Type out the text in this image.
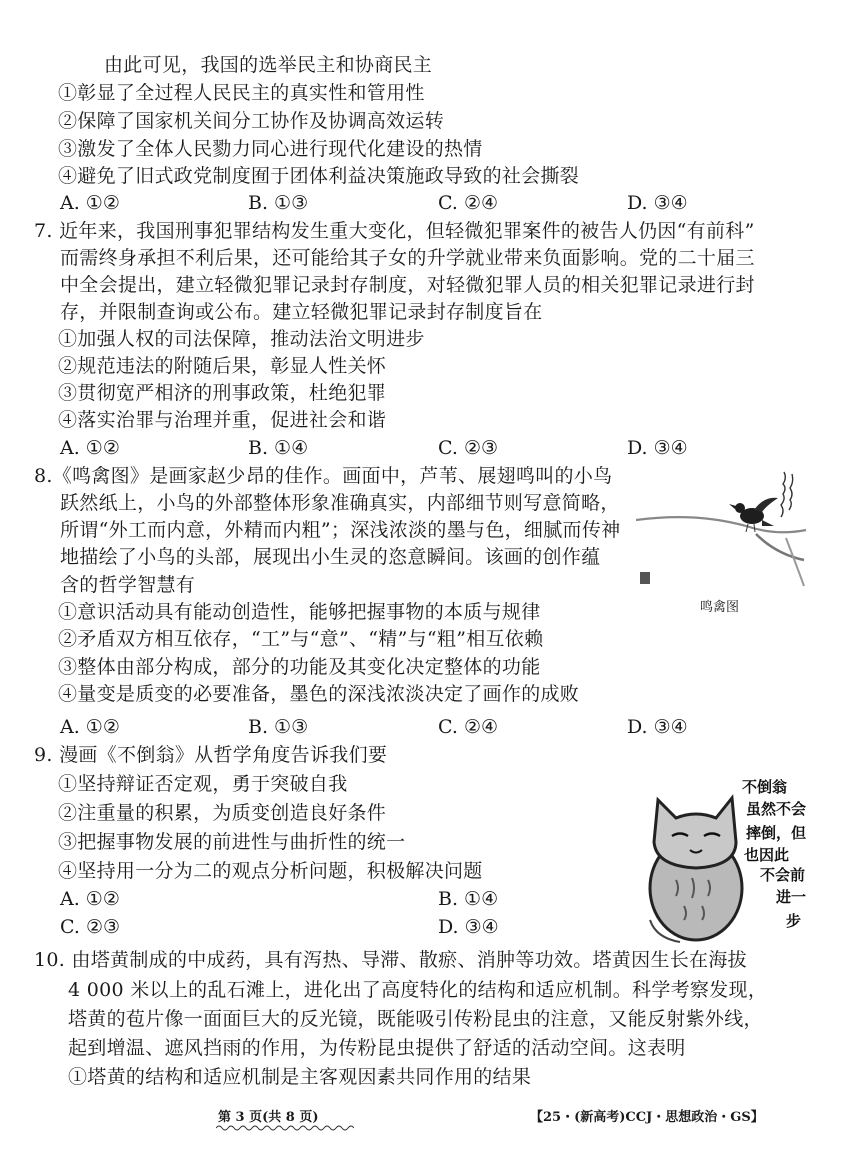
由此可见，我国的选举民主和协商民主
①彰显了全过程人民民主的真实性和管用性
②保障了国家机关间分工协作及协调高效运转
③激发了全体人民勠力同心进行现代化建设的热情
④避免了旧式政党制度囿于团体利益决策施政导致的社会撕裂
A. ①②	B. ①③	C. ②④	D. ③④
7. 近年来，我国刑事犯罪结构发生重大变化，但轻微犯罪案件的被告人仍因“有前科”
而需终身承担不利后果，还可能给其子女的升学就业带来负面影响。党的二十届三
中全会提出，建立轻微犯罪记录封存制度，对轻微犯罪人员的相关犯罪记录进行封
存，并限制查询或公布。建立轻微犯罪记录封存制度旨在
①加强人权的司法保障，推动法治文明进步
②规范违法的附随后果，彰显人性关怀
③贯彻宽严相济的刑事政策，杜绝犯罪
④落实治罪与治理并重，促进社会和谐
A. ①②	B. ①④	C. ②③	D. ③④
8.《鸣禽图》是画家赵少昂的佳作。画面中，芦苇、展翅鸣叫的小鸟
跃然纸上，小鸟的外部整体形象准确真实，内部细节则写意简略，
所谓“外工而内意，外精而内粗”；深浅浓淡的墨与色，细腻而传神
地描绘了小鸟的头部，展现出小生灵的恣意瞬间。该画的创作蕴
含的哲学智慧有
鸣禽图
①意识活动具有能动创造性，能够把握事物的本质与规律
②矛盾双方相互依存，“工”与“意”、“精”与“粗”相互依赖
③整体由部分构成，部分的功能及其变化决定整体的功能
④量变是质变的必要准备，墨色的深浅浓淡决定了画作的成败
A. ①②	B. ①③	C. ②④	D. ③④
9. 漫画《不倒翁》从哲学角度告诉我们要
①坚持辩证否定观，勇于突破自我
②注重量的积累，为质变创造良好条件
③把握事物发展的前进性与曲折性的统一
④坚持用一分为二的观点分析问题，积极解决问题
A. ①②	B. ①④
C. ②③	D. ③④
不倒翁
虽然不会
摔倒，但
也因此
不会前
进一
步
10. 由塔黄制成的中成药，具有泻热、导滞、散瘀、消肿等功效。塔黄因生长在海拔
4 000 米以上的乱石滩上，进化出了高度特化的结构和适应机制。科学考察发现，
塔黄的苞片像一面面巨大的反光镜，既能吸引传粉昆虫的注意，又能反射紫外线，
起到增温、遮风挡雨的作用，为传粉昆虫提供了舒适的活动空间。这表明
①塔黄的结构和适应机制是主客观因素共同作用的结果
第 3 页(共 8 页)	【25・(新高考)CCJ・思想政治・GS】
